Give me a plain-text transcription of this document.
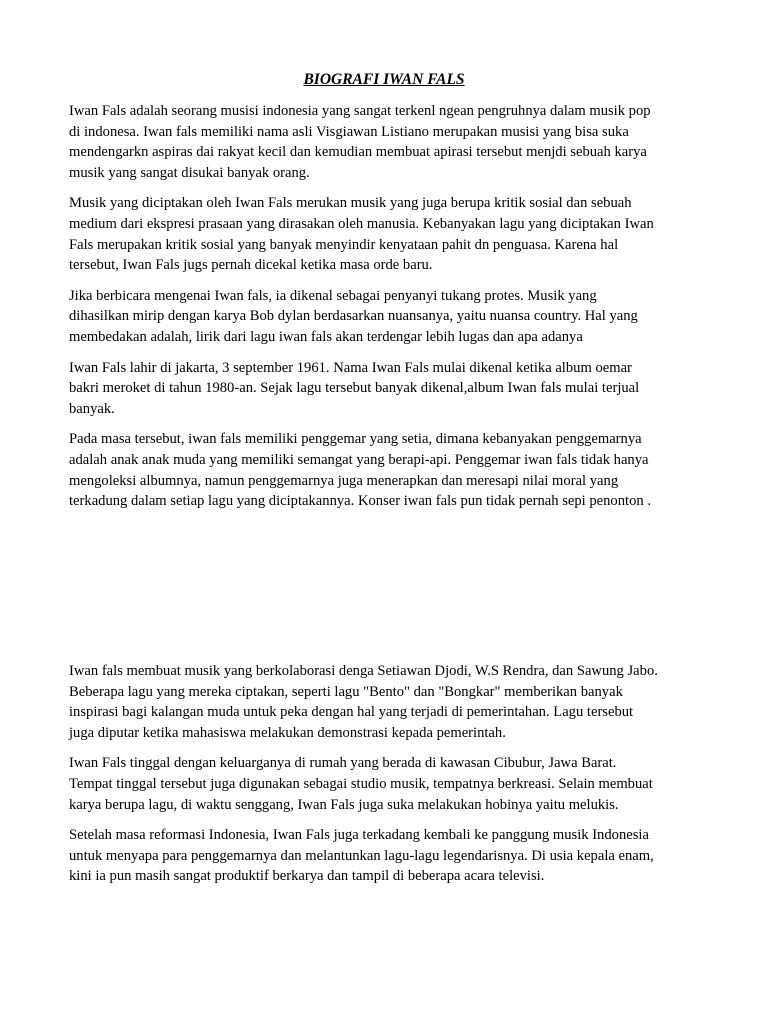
BIOGRAFI IWAN FALS

Iwan Fals adalah seorang musisi indonesia yang sangat terkenl ngean pengruhnya dalam musik pop
di indonesa. Iwan fals memiliki nama asli Visgiawan Listiano merupakan musisi yang bisa suka
mendengarkn aspiras dai rakyat kecil dan kemudian membuat apirasi tersebut menjdi sebuah karya
musik yang sangat disukai banyak orang.

Musik yang diciptakan oleh Iwan Fals merukan musik yang juga berupa kritik sosial dan sebuah
medium dari ekspresi prasaan yang dirasakan oleh manusia. Kebanyakan lagu yang diciptakan Iwan
Fals merupakan kritik sosial yang banyak menyindir kenyataan pahit dn penguasa. Karena hal
tersebut, Iwan Fals jugs pernah dicekal ketika masa orde baru.

Jika berbicara mengenai Iwan fals, ia dikenal sebagai penyanyi tukang protes. Musik yang
dihasilkan mirip dengan karya Bob dylan berdasarkan nuansanya, yaitu nuansa country. Hal yang
membedakan adalah, lirik dari lagu iwan fals akan terdengar lebih lugas dan apa adanya

Iwan Fals lahir di jakarta, 3 september 1961. Nama Iwan Fals mulai dikenal ketika album oemar
bakri meroket di tahun 1980-an. Sejak lagu tersebut banyak dikenal,album Iwan fals mulai terjual
banyak.

Pada masa tersebut, iwan fals memiliki penggemar yang setia, dimana kebanyakan penggemarnya
adalah anak anak muda yang memiliki semangat yang berapi-api. Penggemar iwan fals tidak hanya
mengoleksi albumnya, namun penggemarnya juga menerapkan dan meresapi nilai moral yang
terkadung dalam setiap lagu yang diciptakannya. Konser iwan fals pun tidak pernah sepi penonton .

Iwan fals membuat musik yang berkolaborasi denga Setiawan Djodi, W.S Rendra, dan Sawung Jabo.
Beberapa lagu yang mereka ciptakan, seperti lagu "Bento" dan "Bongkar" memberikan banyak
inspirasi bagi kalangan muda untuk peka dengan hal yang terjadi di pemerintahan. Lagu tersebut
juga diputar ketika mahasiswa melakukan demonstrasi kepada pemerintah.

Iwan Fals tinggal dengan keluarganya di rumah yang berada di kawasan Cibubur, Jawa Barat.
Tempat tinggal tersebut juga digunakan sebagai studio musik, tempatnya berkreasi. Selain membuat
karya berupa lagu, di waktu senggang, Iwan Fals juga suka melakukan hobinya yaitu melukis.

Setelah masa reformasi Indonesia, Iwan Fals juga terkadang kembali ke panggung musik Indonesia
untuk menyapa para penggemarnya dan melantunkan lagu-lagu legendarisnya. Di usia kepala enam,
kini ia pun masih sangat produktif berkarya dan tampil di beberapa acara televisi.
